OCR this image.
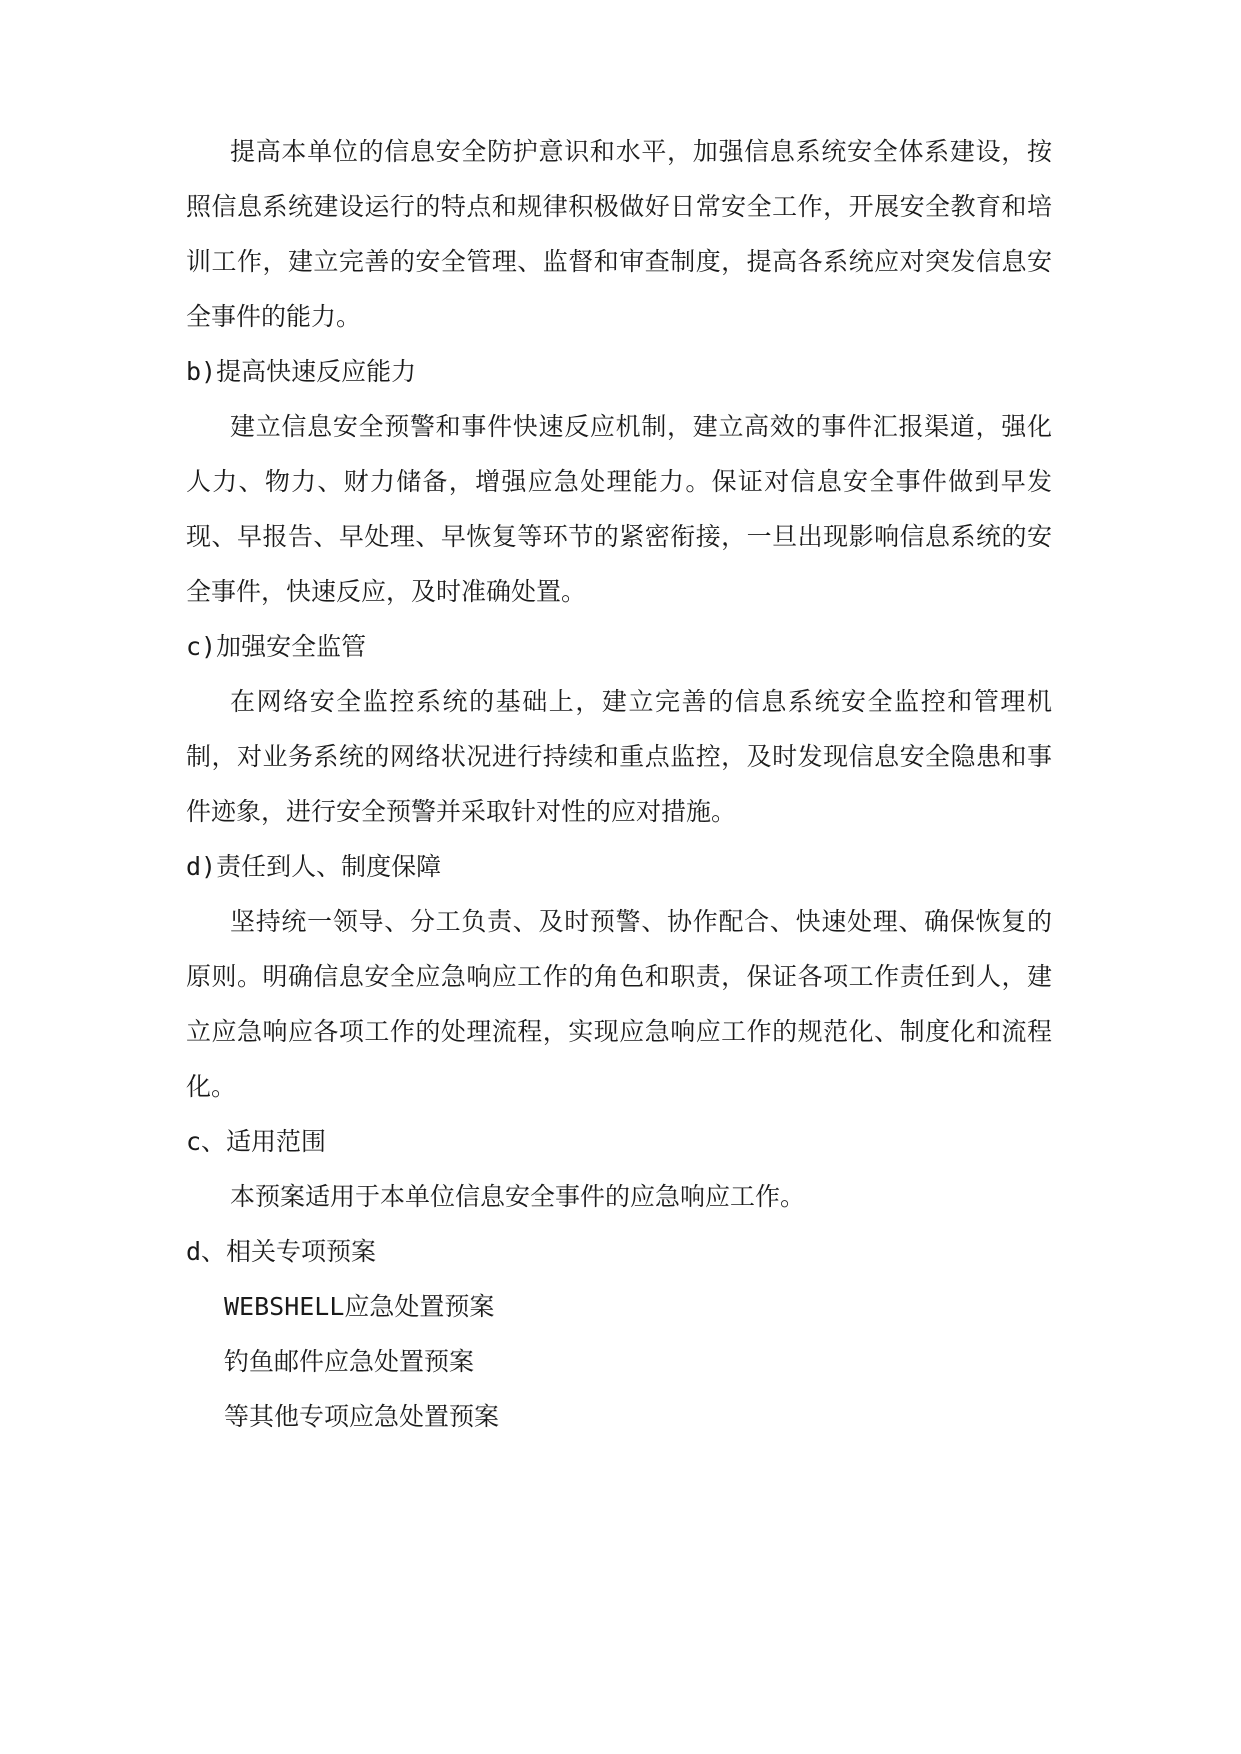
提高本单位的信息安全防护意识和水平，加强信息系统安全体系建设，按
照信息系统建设运行的特点和规律积极做好日常安全工作，开展安全教育和培
训工作，建立完善的安全管理、监督和审查制度，提高各系统应对突发信息安
全事件的能力。
b)提高快速反应能力
建立信息安全预警和事件快速反应机制，建立高效的事件汇报渠道，强化
人力、物力、财力储备，增强应急处理能力。保证对信息安全事件做到早发
现、早报告、早处理、早恢复等环节的紧密衔接，一旦出现影响信息系统的安
全事件，快速反应，及时准确处置。
c)加强安全监管
在网络安全监控系统的基础上，建立完善的信息系统安全监控和管理机
制，对业务系统的网络状况进行持续和重点监控，及时发现信息安全隐患和事
件迹象，进行安全预警并采取针对性的应对措施。
d)责任到人、制度保障
坚持统一领导、分工负责、及时预警、协作配合、快速处理、确保恢复的
原则。明确信息安全应急响应工作的角色和职责，保证各项工作责任到人，建
立应急响应各项工作的处理流程，实现应急响应工作的规范化、制度化和流程
化。
c、适用范围
本预案适用于本单位信息安全事件的应急响应工作。
d、相关专项预案
WEBSHELL应急处置预案
钓鱼邮件应急处置预案
等其他专项应急处置预案
